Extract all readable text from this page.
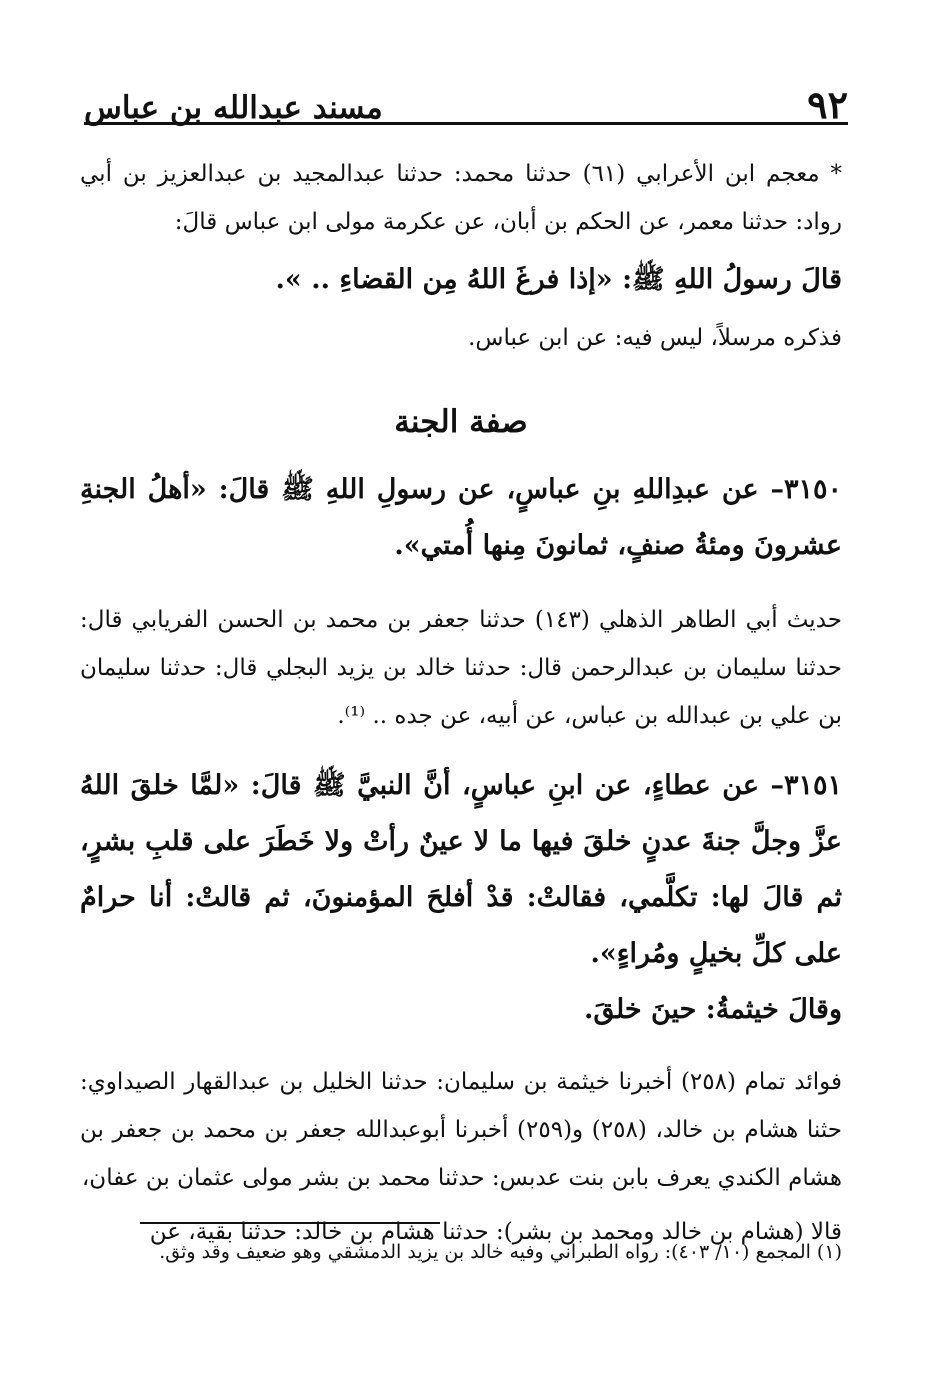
٩٢
مسند عبدالله بن عباس

* معجم ابن الأعرابي (٦١) حدثنا محمد: حدثنا عبدالمجيد بن عبدالعزيز بن أبي رواد: حدثنا معمر، عن الحكم بن أبان، عن عكرمة مولى ابن عباس قالَ:

قالَ رسولُ اللهِ ﷺ: «إذا فرغَ اللهُ مِن القضاءِ .. ».

فذكره مرسلاً، ليس فيه: عن ابن عباس.

صفة الجنة

٣١٥٠– عن عبدِاللهِ بنِ عباسٍ، عن رسولِ اللهِ ﷺ قالَ: «أهلُ الجنةِ عشرونَ ومئةُ صنفٍ، ثمانونَ مِنها أُمتي».

حديث أبي الطاهر الذهلي (١٤٣) حدثنا جعفر بن محمد بن الحسن الفريابي قال: حدثنا سليمان بن عبدالرحمن قال: حدثنا خالد بن يزيد البجلي قال: حدثنا سليمان بن علي بن عبدالله بن عباس، عن أبيه، عن جده .. ⁽¹⁾.

٣١٥١– عن عطاءٍ، عن ابنِ عباسٍ، أنَّ النبيَّ ﷺ قالَ: «لمَّا خلقَ اللهُ عزَّ وجلَّ جنةَ عدنٍ خلقَ فيها ما لا عينٌ رأتْ ولا خَطَرَ على قلبِ بشرٍ، ثم قالَ لها: تكلَّمي، فقالتْ: قدْ أفلحَ المؤمنونَ، ثم قالتْ: أنا حرامٌ على كلِّ بخيلٍ ومُراءٍ».

وقالَ خيثمةُ: حينَ خلقَ.

فوائد تمام (٢٥٨) أخبرنا خيثمة بن سليمان: حدثنا الخليل بن عبدالقهار الصيداوي: حثنا هشام بن خالد، (٢٥٨) و(٢٥٩) أخبرنا أبوعبدالله جعفر بن محمد بن جعفر بن هشام الكندي يعرف بابن بنت عدبس: حدثنا محمد بن بشر مولى عثمان بن عفان،

قالا (هشام بن خالد ومحمد بن بشر): حدثنا هشام بن خالد: حدثنا بقية، عن

(١) المجمع (١٠/ ٤٠٣): رواه الطبراني وفيه خالد بن يزيد الدمشقي وهو ضعيف وقد وثق.
